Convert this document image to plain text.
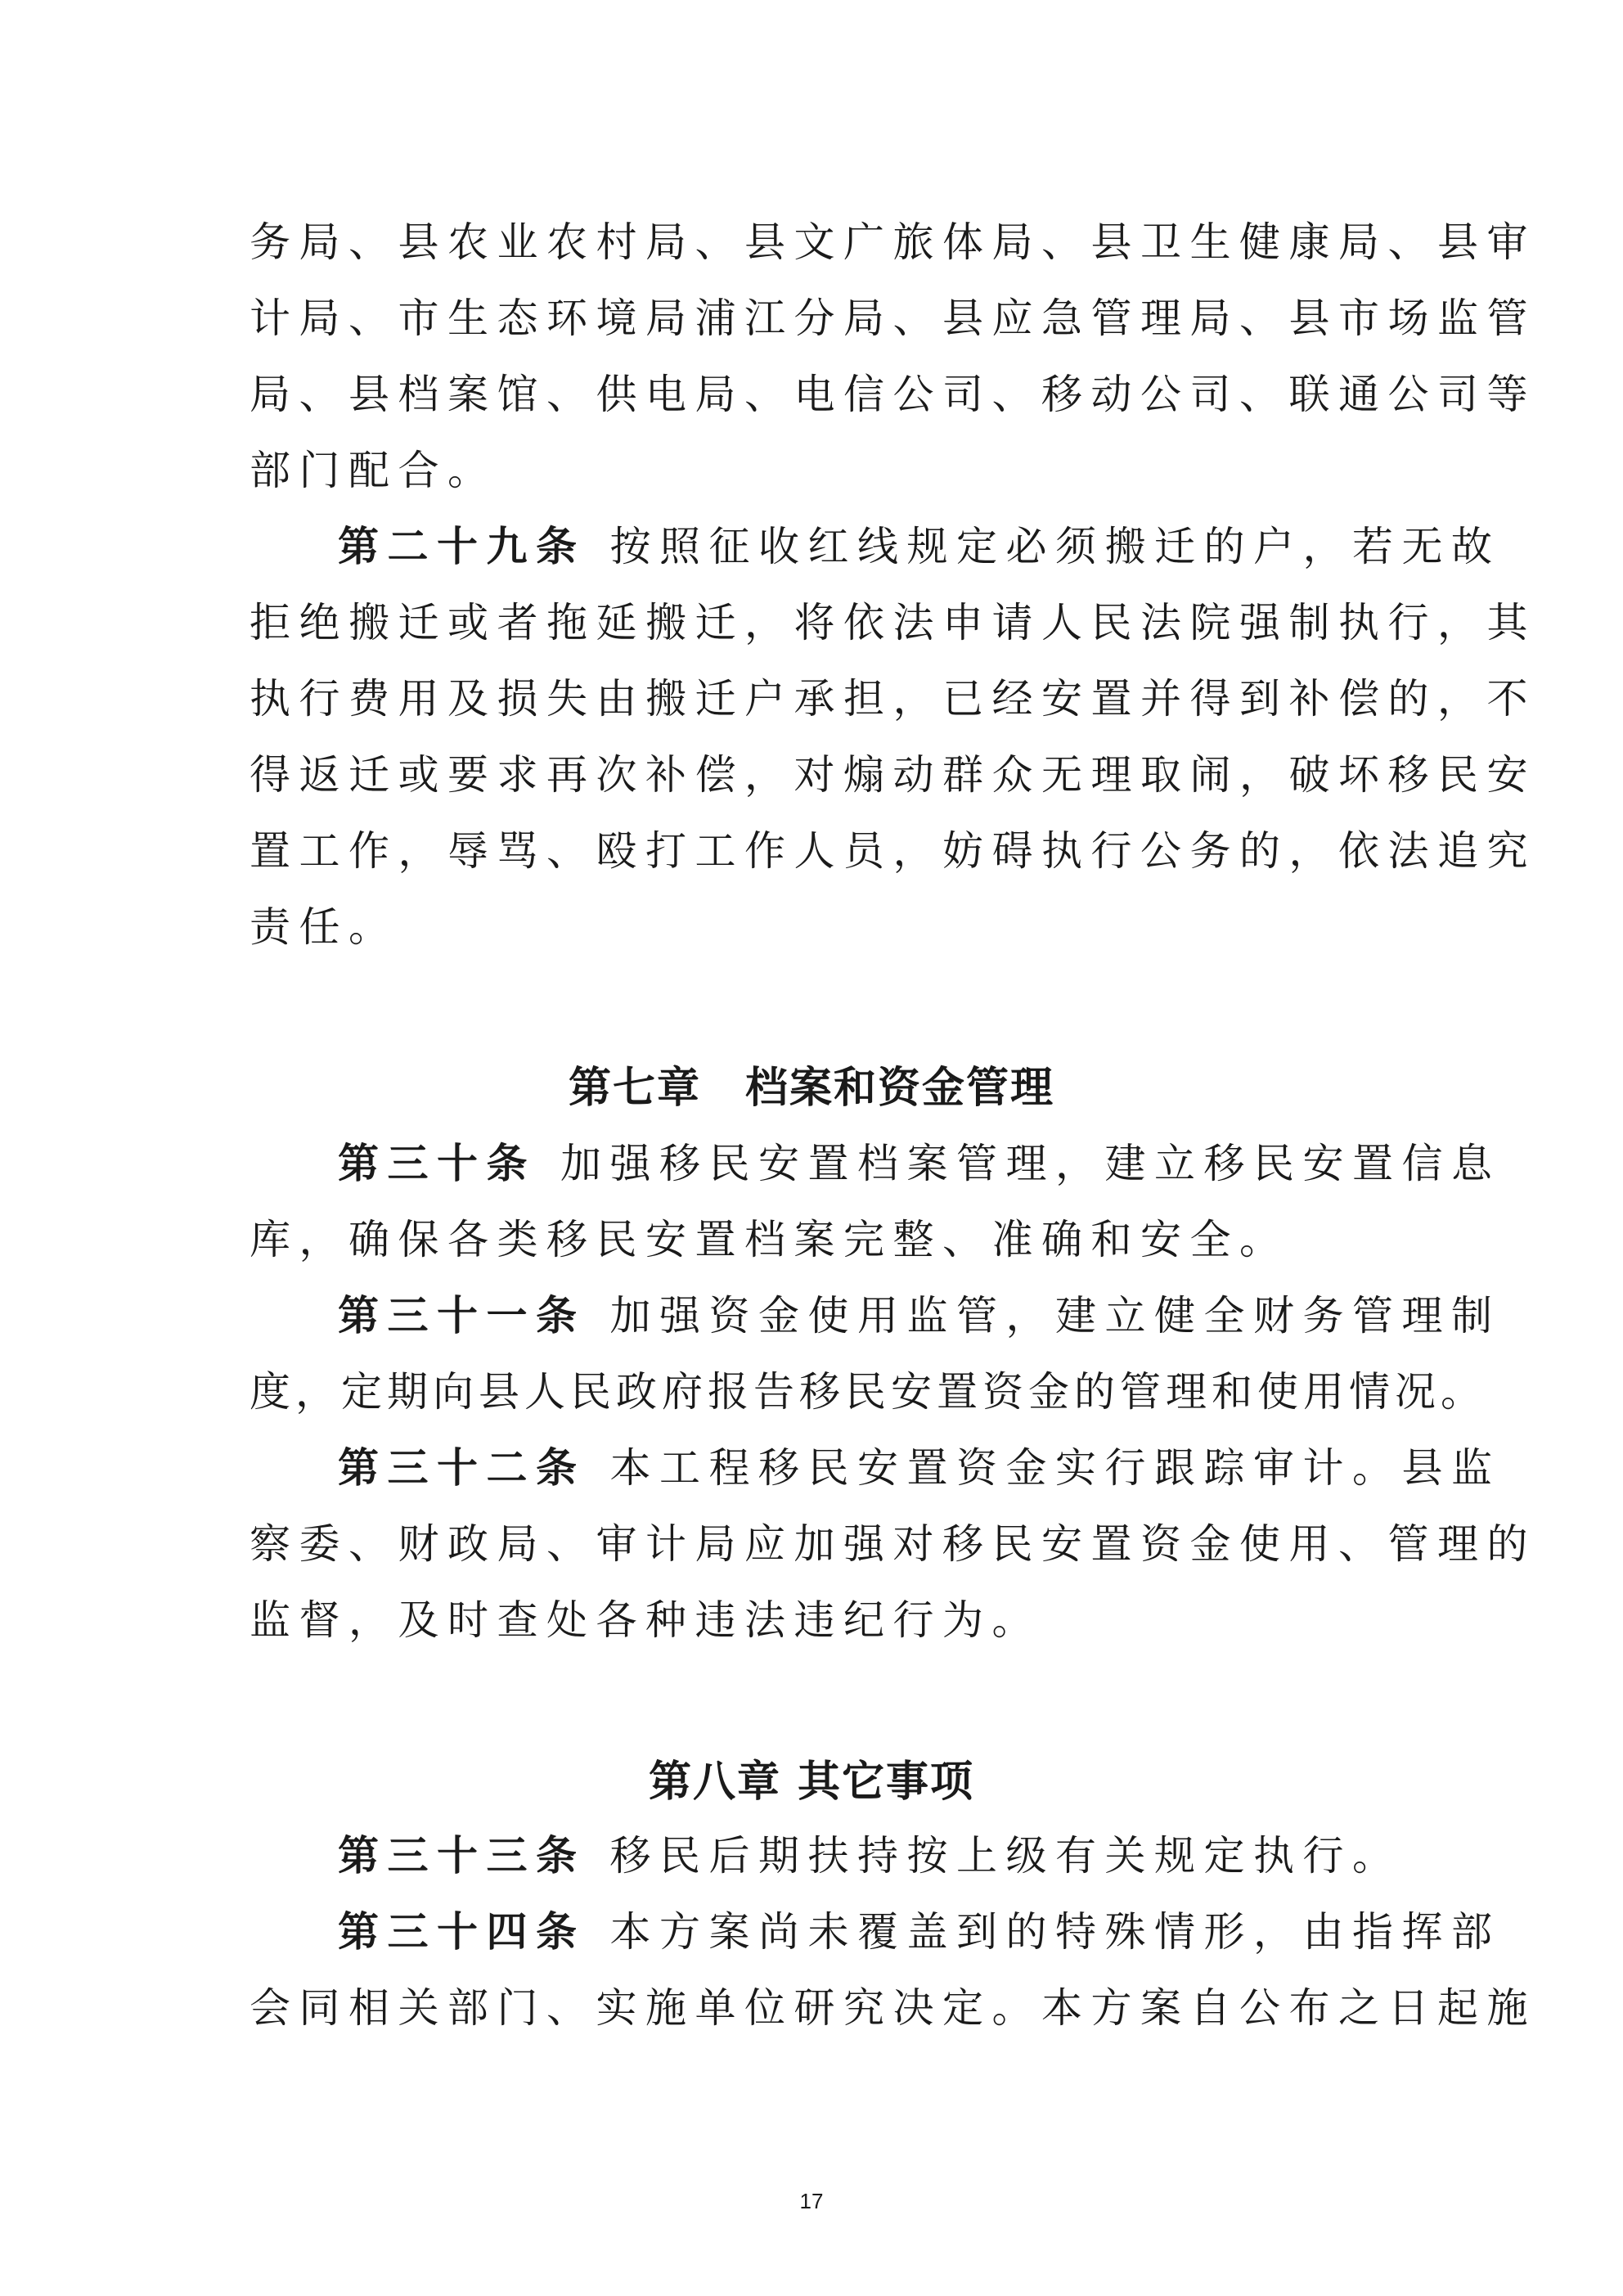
务局、县农业农村局、县文广旅体局、县卫生健康局、县审
计局、市生态环境局浦江分局、县应急管理局、县市场监管
局、县档案馆、供电局、电信公司、移动公司、联通公司等
部门配合。
第二十九条 按照征收红线规定必须搬迁的户，若无故
拒绝搬迁或者拖延搬迁，将依法申请人民法院强制执行，其
执行费用及损失由搬迁户承担，已经安置并得到补偿的，不
得返迁或要求再次补偿，对煽动群众无理取闹，破坏移民安
置工作，辱骂、殴打工作人员，妨碍执行公务的，依法追究
责任。
第七章　档案和资金管理
第三十条 加强移民安置档案管理，建立移民安置信息
库，确保各类移民安置档案完整、准确和安全。
第三十一条 加强资金使用监管，建立健全财务管理制
度，定期向县人民政府报告移民安置资金的管理和使用情况。
第三十二条 本工程移民安置资金实行跟踪审计。县监
察委、财政局、审计局应加强对移民安置资金使用、管理的
监督，及时查处各种违法违纪行为。
第八章 其它事项
第三十三条 移民后期扶持按上级有关规定执行。
第三十四条 本方案尚未覆盖到的特殊情形，由指挥部
会同相关部门、实施单位研究决定。本方案自公布之日起施
17
